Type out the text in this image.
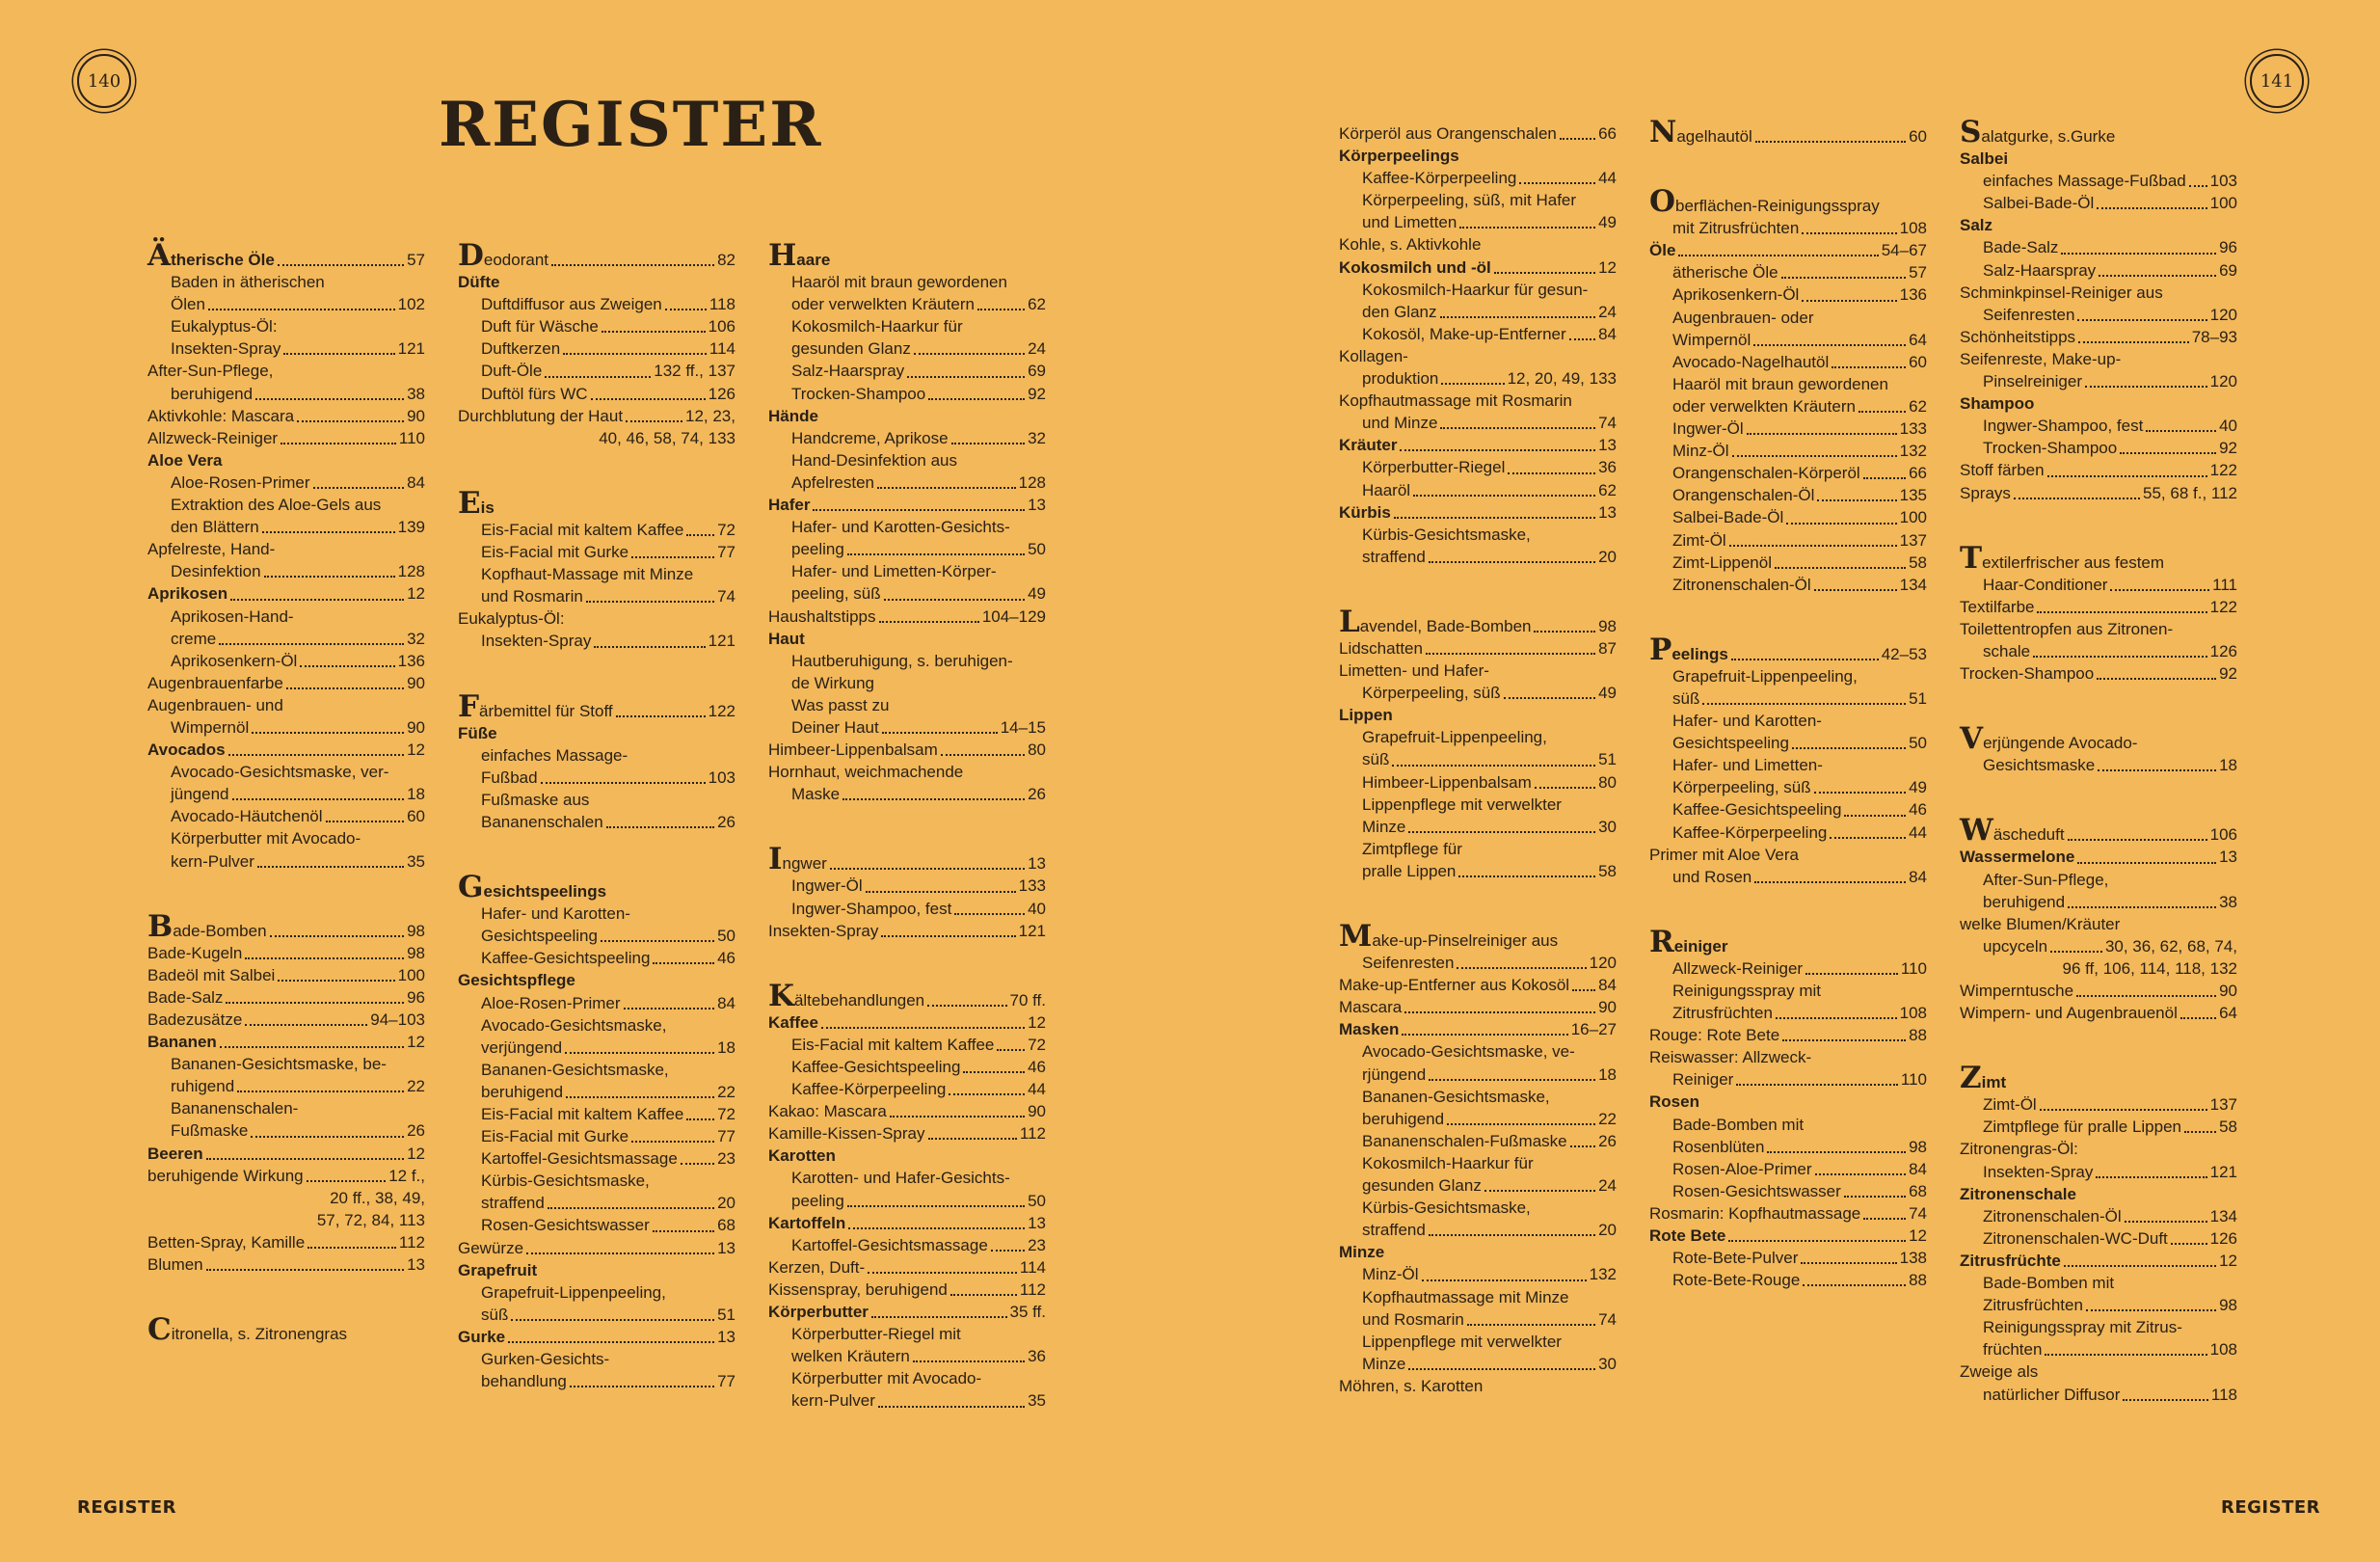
140	141
REGISTER
Ätherische Öle	57
Baden in ätherischen
Ölen	102
Eukalyptus-Öl:
Insekten-Spray	121
After-Sun-Pflege,
beruhigend	38
Aktivkohle: Mascara	90
Allzweck-Reiniger	110
Aloe Vera
Aloe-Rosen-Primer	84
Extraktion des Aloe-Gels aus
den Blättern	139
Apfelreste, Hand-
Desinfektion	128
Aprikosen	12
Aprikosen-Hand-
creme	32
Aprikosenkern-Öl	136
Augenbrauenfarbe	90
Augenbrauen- und
Wimpernöl	90
Avocados	12
Avocado-Gesichtsmaske, ver-
jüngend	18
Avocado-Häutchenöl	60
Körperbutter mit Avocado-
kern-Pulver	35
Bade-Bomben	98
Bade-Kugeln	98
Badeöl mit Salbei	100
Bade-Salz	96
Badezusätze	94–103
Bananen	12
Bananen-Gesichtsmaske, be-
ruhigend	22
Bananenschalen-
Fußmaske	26
Beeren	12
beruhigende Wirkung	12 f.,
20 ff., 38, 49,
57, 72, 84, 113
Betten-Spray, Kamille	112
Blumen	13
Citronella, s. Zitronengras
Deodorant	82
Düfte
Duftdiffusor aus Zweigen	118
Duft für Wäsche	106
Duftkerzen	114
Duft-Öle	132 ff., 137
Duftöl fürs WC	126
Durchblutung der Haut	12, 23,
40, 46, 58, 74, 133
Eis
Eis-Facial mit kaltem Kaffee 72
Eis-Facial mit Gurke	77
Kopfhaut-Massage mit Minze
und Rosmarin	74
Eukalyptus-Öl:
Insekten-Spray	121
Färbemittel für Stoff	122
Füße
einfaches Massage-
Fußbad	103
Fußmaske aus
Bananenschalen	26
Gesichtspeelings
Hafer- und Karotten-
Gesichtspeeling	50
Kaffee-Gesichtspeeling	46
Gesichtspflege
Aloe-Rosen-Primer	84
Avocado-Gesichtsmaske,
verjüngend	18
Bananen-Gesichtsmaske,
beruhigend	22
Eis-Facial mit kaltem Kaffee 72
Eis-Facial mit Gurke	77
Kartoffel-Gesichtsmassage 23
Kürbis-Gesichtsmaske,
straffend	20
Rosen-Gesichtswasser	68
Gewürze	13
Grapefruit
Grapefruit-Lippenpeeling,
süß	51
Gurke	13
Gurken-Gesichts-
behandlung	77
Haare
Haaröl mit braun gewordenen
oder verwelkten Kräutern	62
Kokosmilch-Haarkur für
gesunden Glanz	24
Salz-Haarspray	69
Trocken-Shampoo	92
Hände
Handcreme, Aprikose	32
Hand-Desinfektion aus
Apfelresten	128
Hafer	13
Hafer- und Karotten-Gesichts-
peeling	50
Hafer- und Limetten-Körper-
peeling, süß	49
Haushaltstipps	104–129
Haut
Hautberuhigung, s. beruhigen-
de Wirkung
Was passt zu
Deiner Haut	14–15
Himbeer-Lippenbalsam	80
Hornhaut, weichmachende
Maske	26
Ingwer	13
Ingwer-Öl	133
Ingwer-Shampoo, fest	40
Insekten-Spray	121
Kältebehandlungen	70 ff.
Kaffee	12
Eis-Facial mit kaltem Kaffee 72
Kaffee-Gesichtspeeling	46
Kaffee-Körperpeeling	44
Kakao: Mascara	90
Kamille-Kissen-Spray	112
Karotten
Karotten- und Hafer-Gesichts-
peeling	50
Kartoffeln	13
Kartoffel-Gesichtsmassage 23
Kerzen, Duft-	114
Kissenspray, beruhigend	112
Körperbutter	35 ff.
Körperbutter-Riegel mit
welken Kräutern	36
Körperbutter mit Avocado-
kern-Pulver	35
Körperöl aus Orangenschalen	66
Körperpeelings
Kaffee-Körperpeeling	44
Körperpeeling, süß, mit Hafer
und Limetten	49
Kohle, s. Aktivkohle
Kokosmilch und -öl	12
Kokosmilch-Haarkur für gesun-
den Glanz	24
Kokosöl, Make-up-Entferner 84
Kollagen-
produktion	12, 20, 49, 133
Kopfhautmassage mit Rosmarin
und Minze	74
Kräuter	13
Körperbutter-Riegel	36
Haaröl	62
Kürbis	13
Kürbis-Gesichtsmaske,
straffend	20
Lavendel, Bade-Bomben	98
Lidschatten	87
Limetten- und Hafer-
Körperpeeling, süß	49
Lippen
Grapefruit-Lippenpeeling,
süß	51
Himbeer-Lippenbalsam	80
Lippenpflege mit verwelkter
Minze	30
Zimtpflege für
pralle Lippen	58
Make-up-Pinselreiniger aus
Seifenresten	120
Make-up-Entferner aus Kokosöl 84
Mascara	90
Masken	16–27
Avocado-Gesichtsmaske, ve-
rjüngend	18
Bananen-Gesichtsmaske,
beruhigend	22
Bananenschalen-Fußmaske 26
Kokosmilch-Haarkur für
gesunden Glanz	24
Kürbis-Gesichtsmaske,
straffend	20
Minze
Minz-Öl	132
Kopfhautmassage mit Minze
und Rosmarin	74
Lippenpflege mit verwelkter
Minze	30
Möhren, s. Karotten
Nagelhautöl	60
Oberflächen-Reinigungsspray
mit Zitrusfrüchten	108
Öle	54–67
ätherische Öle	57
Aprikosenkern-Öl	136
Augenbrauen- oder
Wimpernöl	64
Avocado-Nagelhautöl	60
Haaröl mit braun gewordenen
oder verwelkten Kräutern	62
Ingwer-Öl	133
Minz-Öl	132
Orangenschalen-Körperöl	66
Orangenschalen-Öl	135
Salbei-Bade-Öl	100
Zimt-Öl	137
Zimt-Lippenöl	58
Zitronenschalen-Öl	134
Peelings	42–53
Grapefruit-Lippenpeeling,
süß	51
Hafer- und Karotten-
Gesichtspeeling	50
Hafer- und Limetten-
Körperpeeling, süß	49
Kaffee-Gesichtspeeling	46
Kaffee-Körperpeeling	44
Primer mit Aloe Vera
und Rosen	84
Reiniger
Allzweck-Reiniger	110
Reinigungsspray mit
Zitrusfrüchten	108
Rouge: Rote Bete	88
Reiswasser: Allzweck-
Reiniger	110
Rosen
Bade-Bomben mit
Rosenblüten	98
Rosen-Aloe-Primer	84
Rosen-Gesichtswasser	68
Rosmarin: Kopfhautmassage	74
Rote Bete	12
Rote-Bete-Pulver	138
Rote-Bete-Rouge	88
Salatgurke, s.Gurke
Salbei
einfaches Massage-Fußbad 103
Salbei-Bade-Öl	100
Salz
Bade-Salz	96
Salz-Haarspray	69
Schminkpinsel-Reiniger aus
Seifenresten	120
Schönheitstipps	78–93
Seifenreste, Make-up-
Pinselreiniger	120
Shampoo
Ingwer-Shampoo, fest	40
Trocken-Shampoo	92
Stoff färben	122
Sprays	55, 68 f., 112
Textilerfrischer aus festem
Haar-Conditioner	111
Textilfarbe	122
Toilettentropfen aus Zitronen-
schale	126
Trocken-Shampoo	92
Verjüngende Avocado-
Gesichtsmaske	18
Wäscheduft	106
Wassermelone	13
After-Sun-Pflege,
beruhigend	38
welke Blumen/Kräuter
upcyceln	30, 36, 62, 68, 74,
96 ff, 106, 114, 118, 132
Wimperntusche	90
Wimpern- und Augenbrauenöl	64
Zimt
Zimt-Öl	137
Zimtpflege für pralle Lippen 58
Zitronengras-Öl:
Insekten-Spray	121
Zitronenschale
Zitronenschalen-Öl	134
Zitronenschalen-WC-Duft	126
Zitrusfrüchte	12
Bade-Bomben mit
Zitrusfrüchten	98
Reinigungsspray mit Zitrus-
früchten	108
Zweige als
natürlicher Diffusor	118
REGISTER	REGISTER
